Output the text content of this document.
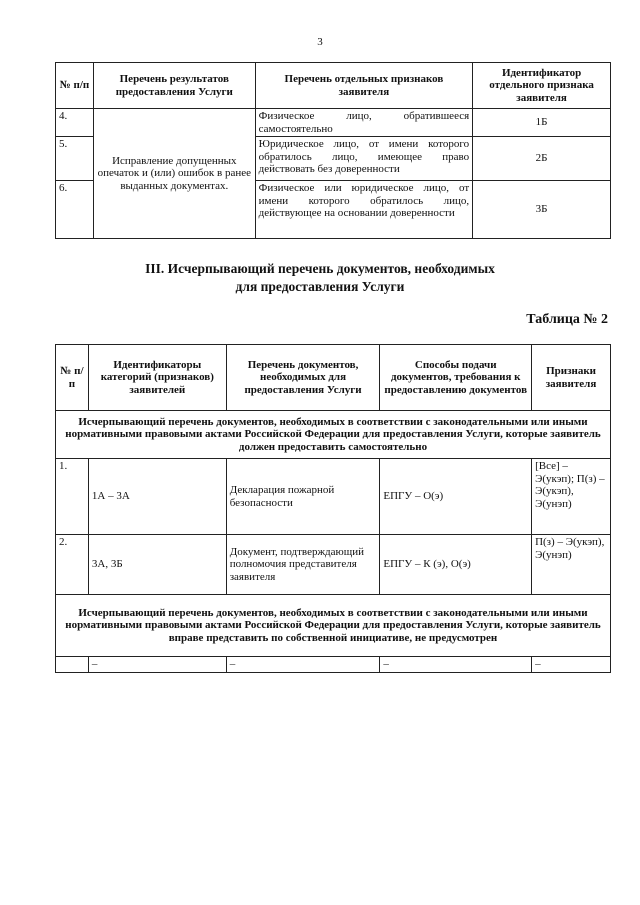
3
№ п/п	Перечень результатов предоставления Услуги	Перечень отдельных признаков заявителя	Идентификатор отдельного признака заявителя
4.	Исправление допущенных опечаток и (или) ошибок в ранее выданных документах.	Физическое лицо, обратившееся самостоятельно	1Б
5.		Юридическое лицо, от имени которого обратилось лицо, имеющее право действовать без доверенности	2Б
6.		Физическое или юридическое лицо, от имени которого обратилось лицо, действующее на основании доверенности	3Б
III. Исчерпывающий перечень документов, необходимых
для предоставления Услуги
Таблица № 2
№ п/п	Идентификаторы категорий (признаков) заявителей	Перечень документов, необходимых для предоставления Услуги	Способы подачи документов, требования к предоставлению документов	Признаки заявителя
Исчерпывающий перечень документов, необходимых в соответствии с законодательными или иными нормативными правовыми актами Российской Федерации для предоставления Услуги, которые заявитель должен предоставить самостоятельно				
1.	1А – 3А	Декларация пожарной безопасности	ЕПГУ – О(э)	[Все] – Э(укэп); П(з) – Э(укэп), Э(унэп)
2.	3А, 3Б	Документ, подтверждающий полномочия представителя заявителя	ЕПГУ – К (э), О(э)	П(з) – Э(укэп), Э(унэп)
Исчерпывающий перечень документов, необходимых в соответствии с законодательными или иными нормативными правовыми актами Российской Федерации для предоставления Услуги, которые заявитель вправе представить по собственной инициативе, не предусмотрен				
	–	–	–	–
